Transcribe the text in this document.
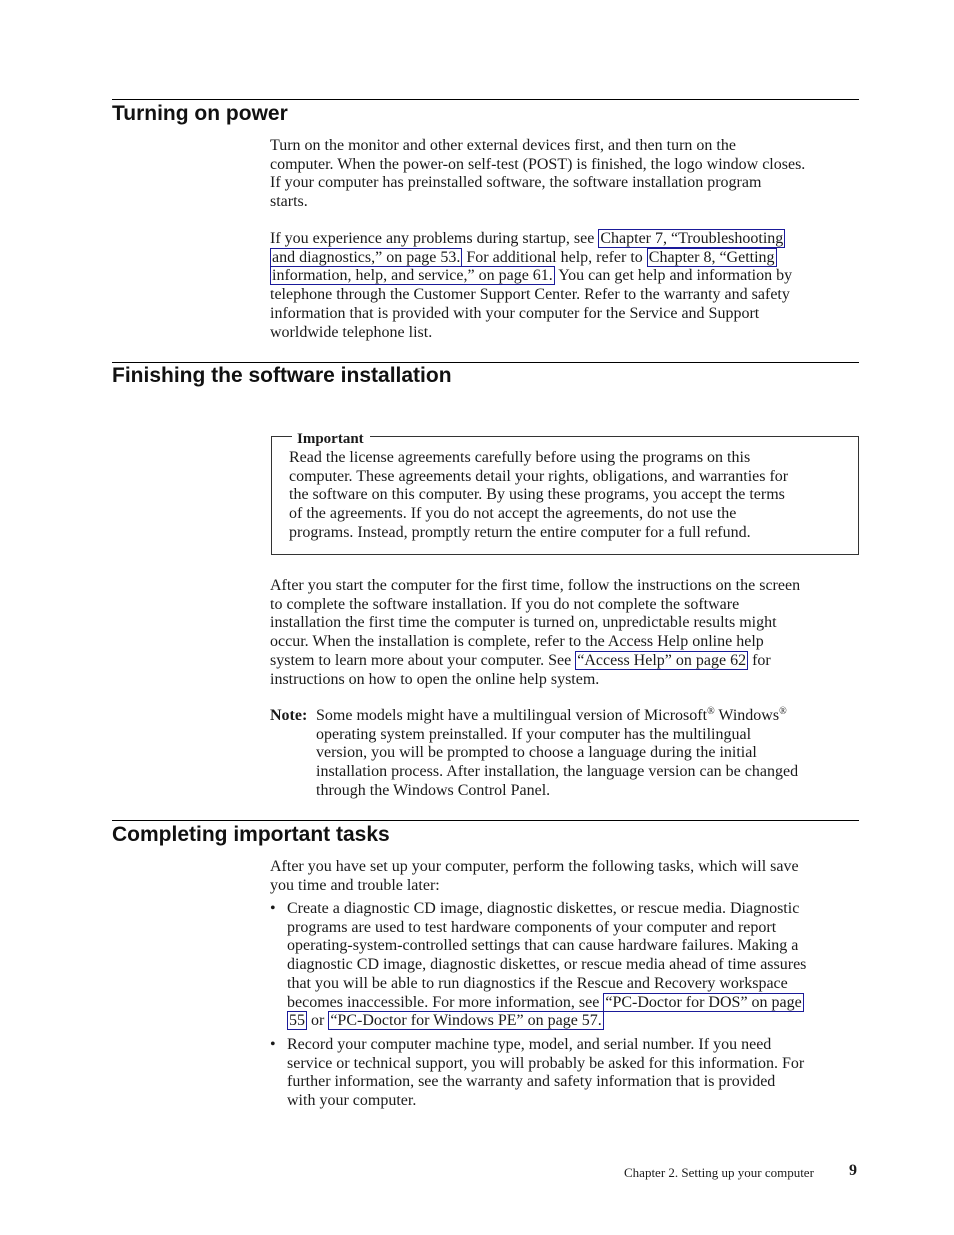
Turning on power
Turn on the monitor and other external devices first, and then turn on the
computer. When the power-on self-test (POST) is finished, the logo window closes.
If your computer has preinstalled software, the software installation program
starts.
If you experience any problems during startup, see Chapter 7, “Troubleshooting
and diagnostics,” on page 53. For additional help, refer to Chapter 8, “Getting
information, help, and service,” on page 61. You can get help and information by
telephone through the Customer Support Center. Refer to the warranty and safety
information that is provided with your computer for the Service and Support
worldwide telephone list.
Finishing the software installation
Important
Read the license agreements carefully before using the programs on this
computer. These agreements detail your rights, obligations, and warranties for
the software on this computer. By using these programs, you accept the terms
of the agreements. If you do not accept the agreements, do not use the
programs. Instead, promptly return the entire computer for a full refund.
After you start the computer for the first time, follow the instructions on the screen
to complete the software installation. If you do not complete the software
installation the first time the computer is turned on, unpredictable results might
occur. When the installation is complete, refer to the Access Help online help
system to learn more about your computer. See “Access Help” on page 62 for
instructions on how to open the online help system.
Note: Some models might have a multilingual version of Microsoft® Windows®
operating system preinstalled. If your computer has the multilingual
version, you will be prompted to choose a language during the initial
installation process. After installation, the language version can be changed
through the Windows Control Panel.
Completing important tasks
After you have set up your computer, perform the following tasks, which will save
you time and trouble later:
• Create a diagnostic CD image, diagnostic diskettes, or rescue media. Diagnostic
programs are used to test hardware components of your computer and report
operating-system-controlled settings that can cause hardware failures. Making a
diagnostic CD image, diagnostic diskettes, or rescue media ahead of time assures
that you will be able to run diagnostics if the Rescue and Recovery workspace
becomes inaccessible. For more information, see “PC-Doctor for DOS” on page
55 or “PC-Doctor for Windows PE” on page 57.
• Record your computer machine type, model, and serial number. If you need
service or technical support, you will probably be asked for this information. For
further information, see the warranty and safety information that is provided
with your computer.
Chapter 2. Setting up your computer 9
